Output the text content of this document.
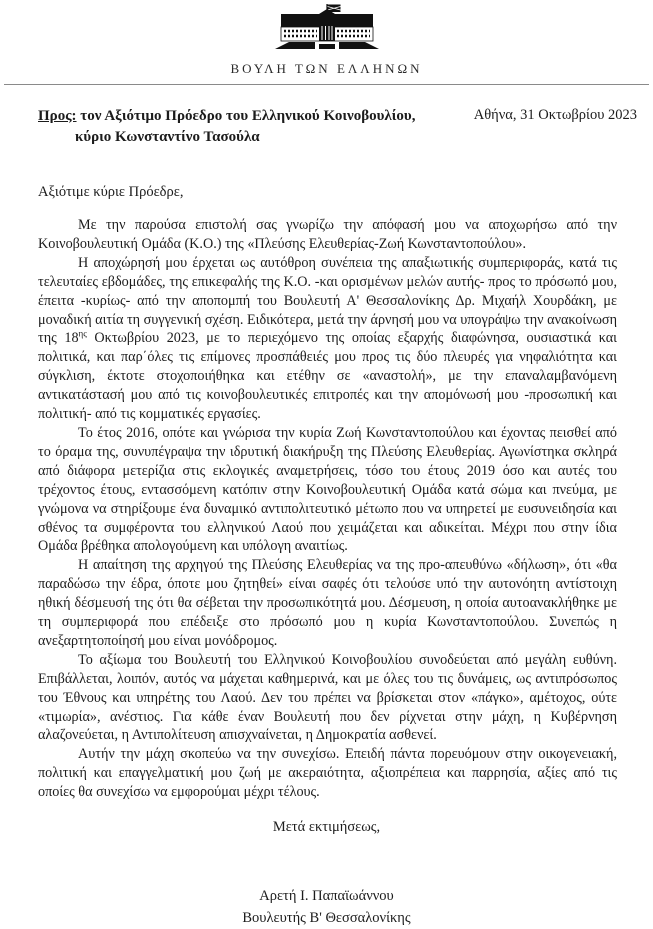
ΒΟΥΛΗ ΤΩΝ ΕΛΛΗΝΩΝ
Προς: τον Αξιότιμο Πρόεδρο του Ελληνικού Κοινοβουλίου,
κύριο Κωνσταντίνο Τασούλα
Αθήνα, 31 Οκτωβρίου 2023
Αξιότιμε κύριε Πρόεδρε,

Με την παρούσα επιστολή σας γνωρίζω την απόφασή μου να αποχωρήσω από την Κοινοβουλευτική Ομάδα (Κ.Ο.) της «Πλεύσης Ελευθερίας-Ζωή Κωνσταντοπούλου».

Η αποχώρησή μου έρχεται ως αυτόθροη συνέπεια της απαξιωτικής συμπεριφοράς, κατά τις τελευταίες εβδομάδες, της επικεφαλής της Κ.Ο. -και ορισμένων μελών αυτής- προς το πρόσωπό μου, έπειτα -κυρίως- από την αποπομπή του Βουλευτή Α' Θεσσαλονίκης Δρ. Μιχαήλ Χουρδάκη, με μοναδική αιτία τη συγγενική σχέση. Ειδικότερα, μετά την άρνησή μου να υπογράψω την ανακοίνωση της $18^{\eta\varsigma}$ Οκτωβρίου 2023, με το περιεχόμενο της οποίας εξαρχής διαφώνησα, ουσιαστικά και πολιτικά, και παρ΄όλες τις επίμονες προσπάθειές μου προς τις δύο πλευρές για νηφαλιότητα και σύγκλιση, έκτοτε στοχοποιήθηκα και ετέθην σε «αναστολή», με την επαναλαμβανόμενη αντικατάστασή μου από τις κοινοβουλευτικές επιτροπές και την απομόνωσή μου -προσωπική και πολιτική- από τις κομματικές εργασίες.

Το έτος 2016, οπότε και γνώρισα την κυρία Ζωή Κωνσταντοπούλου και έχοντας πεισθεί από το όραμα της, συνυπέγραψα την ιδρυτική διακήρυξη της Πλεύσης Ελευθερίας. Αγωνίστηκα σκληρά από διάφορα μετερίζια στις εκλογικές αναμετρήσεις, τόσο του έτους 2019 όσο και αυτές του τρέχοντος έτους, εντασσόμενη κατόπιν στην Κοινοβουλευτική Ομάδα κατά σώμα και πνεύμα, με γνώμονα να στηρίξουμε ένα δυναμικό αντιπολιτευτικό μέτωπο που να υπηρετεί με ευσυνειδησία και σθένος τα συμφέροντα του ελληνικού Λαού που χειμάζεται και αδικείται. Μέχρι που στην ίδια Ομάδα βρέθηκα απολογούμενη και υπόλογη αναιτίως.

Η απαίτηση της αρχηγού της Πλεύσης Ελευθερίας να της προ-απευθύνω «δήλωση», ότι «θα παραδώσω την έδρα, όποτε μου ζητηθεί» είναι σαφές ότι τελούσε υπό την αυτονόητη αντίστοιχη ηθική δέσμευσή της ότι θα σέβεται την προσωπικότητά μου. Δέσμευση, η οποία αυτοανακλήθηκε με τη συμπεριφορά που επέδειξε στο πρόσωπό μου η κυρία Κωνσταντοπούλου. Συνεπώς η ανεξαρτητοποίησή μου είναι μονόδρομος.

Το αξίωμα του Βουλευτή του Ελληνικού Κοινοβουλίου συνοδεύεται από μεγάλη ευθύνη. Επιβάλλεται, λοιπόν, αυτός να μάχεται καθημερινά, και με όλες του τις δυνάμεις, ως αντιπρόσωπος του Έθνους και υπηρέτης του Λαού. Δεν του πρέπει να βρίσκεται στον «πάγκο», αμέτοχος, ούτε «τιμωρία», ανέστιος. Για κάθε έναν Βουλευτή που δεν ρίχνεται στην μάχη, η Κυβέρνηση αλαζονεύεται, η Αντιπολίτευση απισχναίνεται, η Δημοκρατία ασθενεί.

Αυτήν την μάχη σκοπεύω να την συνεχίσω. Επειδή πάντα πορευόμουν στην οικογενειακή, πολιτική και επαγγελματική μου ζωή με ακεραιότητα, αξιοπρέπεια και παρρησία, αξίες από τις οποίες θα συνεχίσω να εμφορούμαι μέχρι τέλους.

Μετά εκτιμήσεως,
Αρετή Ι. Παπαϊωάννου
Βουλευτής Β' Θεσσαλονίκης
